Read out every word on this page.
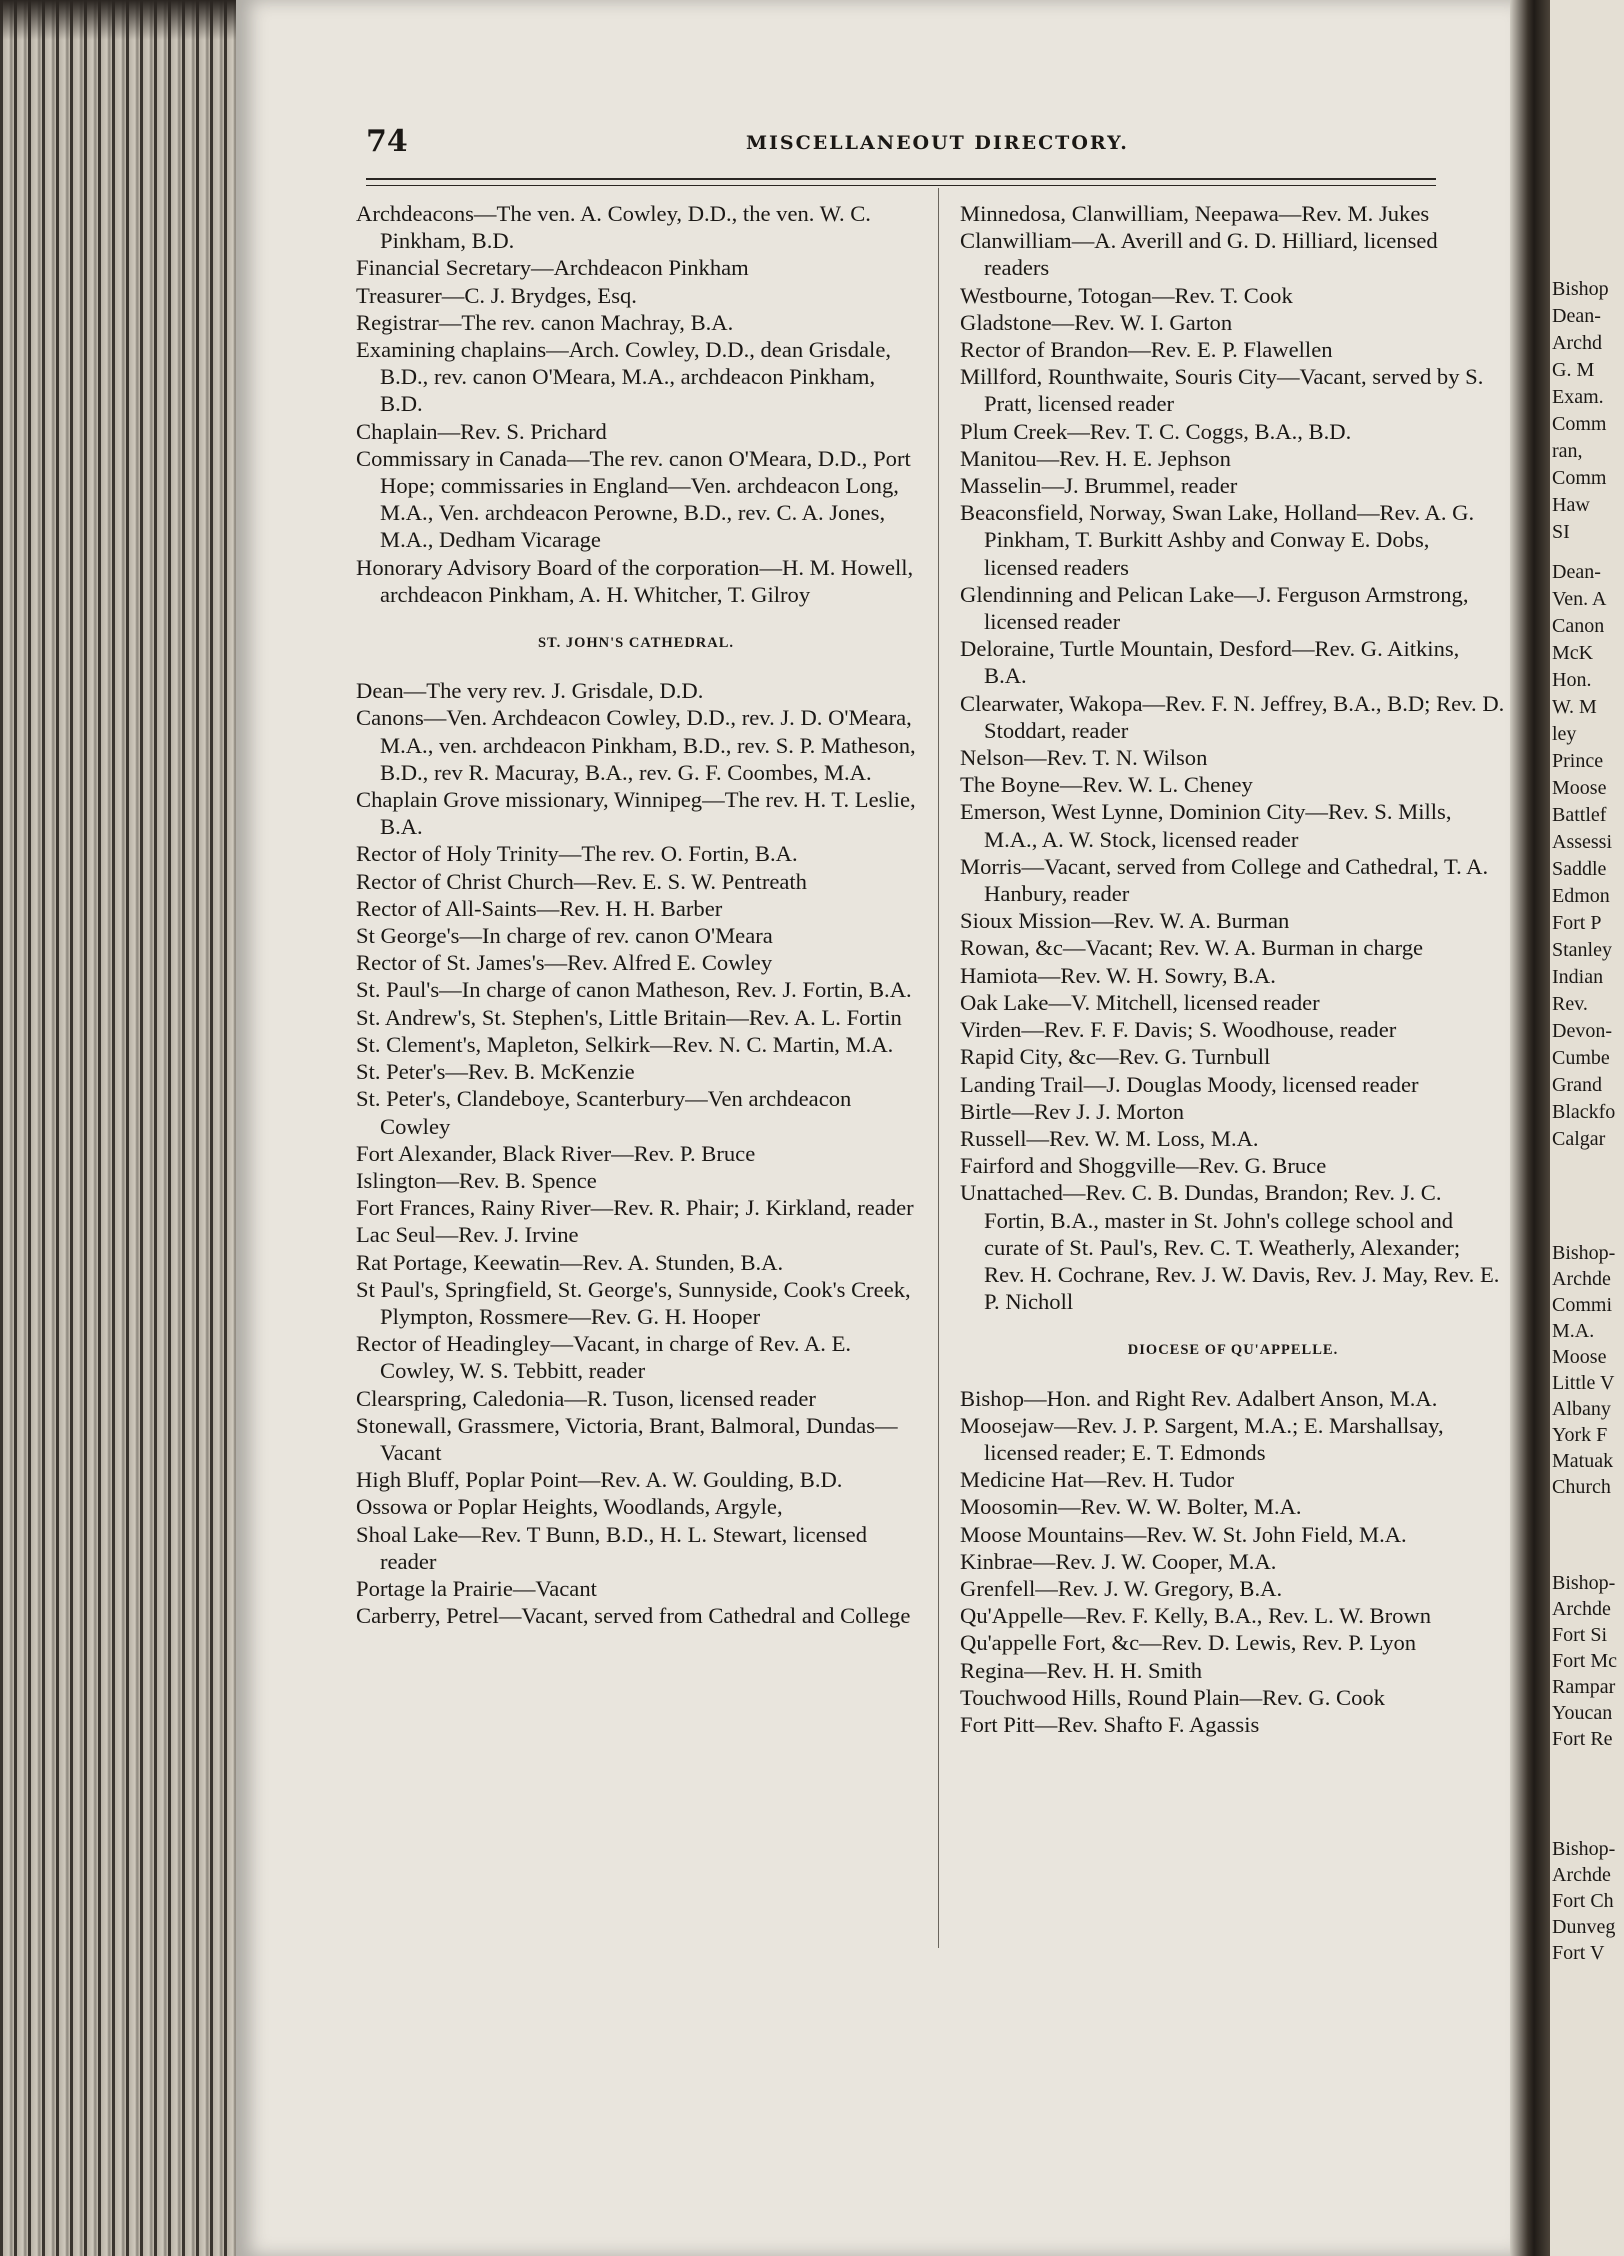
74	MISCELLANEOUT DIRECTORY.

Archdeacons—The ven. A. Cowley, D.D., the ven. W. C. Pinkham, B.D.

Financial Secretary—Archdeacon Pinkham

Treasurer—C. J. Brydges, Esq.

Registrar—The rev. canon Machray, B.A.

Examining chaplains—Arch. Cowley, D.D., dean Grisdale, B.D., rev. canon O'Meara, M.A., archdeacon Pinkham, B.D.

Chaplain—Rev. S. Prichard

Commissary in Canada—The rev. canon O'Meara, D.D., Port Hope; commissaries in England—Ven. archdeacon Long, M.A., Ven. archdeacon Perowne, B.D., rev. C. A. Jones, M.A., Dedham Vicarage

Honorary Advisory Board of the corporation—H. M. Howell, archdeacon Pinkham, A. H. Whitcher, T. Gilroy

ST. JOHN'S CATHEDRAL.

Dean—The very rev. J. Grisdale, D.D.

Canons—Ven. Archdeacon Cowley, D.D., rev. J. D. O'Meara, M.A., ven. archdeacon Pinkham, B.D., rev. S. P. Matheson, B.D., rev R. Macuray, B.A., rev. G. F. Coombes, M.A.

Chaplain Grove missionary, Winnipeg—The rev. H. T. Leslie, B.A.

Rector of Holy Trinity—The rev. O. Fortin, B.A.

Rector of Christ Church—Rev. E. S. W. Pentreath

Rector of All-Saints—Rev. H. H. Barber

St George's—In charge of rev. canon O'Meara

Rector of St. James's—Rev. Alfred E. Cowley

St. Paul's—In charge of canon Matheson, Rev. J. Fortin, B.A.

St. Andrew's, St. Stephen's, Little Britain—Rev. A. L. Fortin

St. Clement's, Mapleton, Selkirk—Rev. N. C. Martin, M.A.

St. Peter's—Rev. B. McKenzie

St. Peter's, Clandeboye, Scanterbury—Ven archdeacon Cowley

Fort Alexander, Black River—Rev. P. Bruce

Islington—Rev. B. Spence

Fort Frances, Rainy River—Rev. R. Phair; J. Kirkland, reader

Lac Seul—Rev. J. Irvine

Rat Portage, Keewatin—Rev. A. Stunden, B.A.

St Paul's, Springfield, St. George's, Sunnyside, Cook's Creek, Plympton, Rossmere—Rev. G. H. Hooper

Rector of Headingley—Vacant, in charge of Rev. A. E. Cowley, W. S. Tebbitt, reader

Clearspring, Caledonia—R. Tuson, licensed reader

Stonewall, Grassmere, Victoria, Brant, Balmoral, Dundas—Vacant

High Bluff, Poplar Point—Rev. A. W. Goulding, B.D.

Ossowa or Poplar Heights, Woodlands, Argyle,

Shoal Lake—Rev. T Bunn, B.D., H. L. Stewart, licensed reader

Portage la Prairie—Vacant

Carberry, Petrel—Vacant, served from Cathedral and College

Minnedosa, Clanwilliam, Neepawa—Rev. M. Jukes

Clanwilliam—A. Averill and G. D. Hilliard, licensed readers

Westbourne, Totogan—Rev. T. Cook

Gladstone—Rev. W. I. Garton

Rector of Brandon—Rev. E. P. Flawellen

Millford, Rounthwaite, Souris City—Vacant, served by S. Pratt, licensed reader

Plum Creek—Rev. T. C. Coggs, B.A., B.D.

Manitou—Rev. H. E. Jephson

Masselin—J. Brummel, reader

Beaconsfield, Norway, Swan Lake, Holland—Rev. A. G. Pinkham, T. Burkitt Ashby and Conway E. Dobs, licensed readers

Glendinning and Pelican Lake—J. Ferguson Armstrong, licensed reader

Deloraine, Turtle Mountain, Desford—Rev. G. Aitkins, B.A.

Clearwater, Wakopa—Rev. F. N. Jeffrey, B.A., B.D; Rev. D. Stoddart, reader

Nelson—Rev. T. N. Wilson

The Boyne—Rev. W. L. Cheney

Emerson, West Lynne, Dominion City—Rev. S. Mills, M.A., A. W. Stock, licensed reader

Morris—Vacant, served from College and Cathedral, T. A. Hanbury, reader

Sioux Mission—Rev. W. A. Burman

Rowan, &c—Vacant; Rev. W. A. Burman in charge

Hamiota—Rev. W. H. Sowry, B.A.

Oak Lake—V. Mitchell, licensed reader

Virden—Rev. F. F. Davis; S. Woodhouse, reader

Rapid City, &c—Rev. G. Turnbull

Landing Trail—J. Douglas Moody, licensed reader

Birtle—Rev J. J. Morton

Russell—Rev. W. M. Loss, M.A.

Fairford and Shoggville—Rev. G. Bruce

Unattached—Rev. C. B. Dundas, Brandon; Rev. J. C. Fortin, B.A., master in St. John's college school and curate of St. Paul's, Rev. C. T. Weatherly, Alexander; Rev. H. Cochrane, Rev. J. W. Davis, Rev. J. May, Rev. E. P. Nicholl

DIOCESE OF QU'APPELLE.

Bishop—Hon. and Right Rev. Adalbert Anson, M.A.

Moosejaw—Rev. J. P. Sargent, M.A.; E. Marshallsay, licensed reader; E. T. Edmonds

Medicine Hat—Rev. H. Tudor

Moosomin—Rev. W. W. Bolter, M.A.

Moose Mountains—Rev. W. St. John Field, M.A.

Kinbrae—Rev. J. W. Cooper, M.A.

Grenfell—Rev. J. W. Gregory, B.A.

Qu'Appelle—Rev. F. Kelly, B.A., Rev. L. W. Brown

Qu'appelle Fort, &c—Rev. D. Lewis, Rev. P. Lyon

Regina—Rev. H. H. Smith

Touchwood Hills, Round Plain—Rev. G. Cook

Fort Pitt—Rev. Shafto F. Agassis

Bishop
Dean-
Archd
G. M
Exam.
Comm
ran,
Comm
Haw
SI
Dean-
Ven. A
Canon
McK
Hon.
W. M
ley
Prince
Moose
Battlef
Assessi
Saddle
Edmon
Fort P
Stanley
Indian
Rev.
Devon-
Cumbe
Grand
Blackfo
Calgar
Bishop-
Archde
Commi
M.A.
Moose
Little V
Albany
York F
Matuak
Church
Bishop-
Archde
Fort Si
Fort Mc
Rampar
Youcan
Fort Re
Bishop-
Archde
Fort Ch
Dunveg
Fort V
